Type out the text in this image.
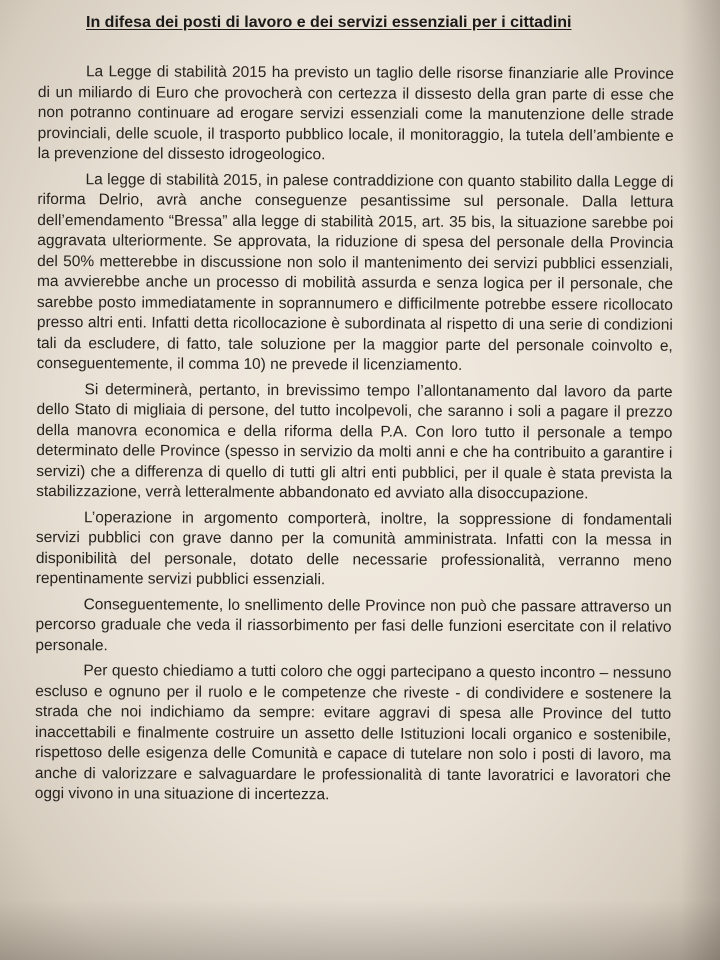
In difesa dei posti di lavoro e dei servizi essenziali per i cittadini

La Legge di stabilità 2015 ha previsto un taglio delle risorse finanziarie alle Province di un miliardo di Euro che provocherà con certezza il dissesto della gran parte di esse che non potranno continuare ad erogare servizi essenziali come la manutenzione delle strade provinciali, delle scuole, il trasporto pubblico locale, il monitoraggio, la tutela dell’ambiente e la prevenzione del dissesto idrogeologico.

La legge di stabilità 2015, in palese contraddizione con quanto stabilito dalla Legge di riforma Delrio, avrà anche conseguenze pesantissime sul personale. Dalla lettura dell’emendamento “Bressa” alla legge di stabilità 2015, art. 35 bis, la situazione sarebbe poi aggravata ulteriormente. Se approvata, la riduzione di spesa del personale della Provincia del 50% metterebbe in discussione non solo il mantenimento dei servizi pubblici essenziali, ma avvierebbe anche un processo di mobilità assurda e senza logica per il personale, che sarebbe posto immediatamente in soprannumero e difficilmente potrebbe essere ricollocato presso altri enti. Infatti detta ricollocazione è subordinata al rispetto di una serie di condizioni tali da escludere, di fatto, tale soluzione per la maggior parte del personale coinvolto e, conseguentemente, il comma 10) ne prevede il licenziamento.

Si determinerà, pertanto, in brevissimo tempo l’allontanamento dal lavoro da parte dello Stato di migliaia di persone, del tutto incolpevoli, che saranno i soli a pagare il prezzo della manovra economica e della riforma della P.A. Con loro tutto il personale a tempo determinato delle Province (spesso in servizio da molti anni e che ha contribuito a garantire i servizi) che a differenza di quello di tutti gli altri enti pubblici, per il quale è stata prevista la stabilizzazione, verrà letteralmente abbandonato ed avviato alla disoccupazione.

L’operazione in argomento comporterà, inoltre, la soppressione di fondamentali servizi pubblici con grave danno per la comunità amministrata. Infatti con la messa in disponibilità del personale, dotato delle necessarie professionalità, verranno meno repentinamente servizi pubblici essenziali.

Conseguentemente, lo snellimento delle Province non può che passare attraverso un percorso graduale che veda il riassorbimento per fasi delle funzioni esercitate con il relativo personale.

Per questo chiediamo a tutti coloro che oggi partecipano a questo incontro – nessuno escluso e ognuno per il ruolo e le competenze che riveste - di condividere e sostenere la strada che noi indichiamo da sempre: evitare aggravi di spesa alle Province del tutto inaccettabili e finalmente costruire un assetto delle Istituzioni locali organico e sostenibile, rispettoso delle esigenza delle Comunità e capace di tutelare non solo i posti di lavoro, ma anche di valorizzare e salvaguardare le professionalità di tante lavoratrici e lavoratori che oggi vivono in una situazione di incertezza.
